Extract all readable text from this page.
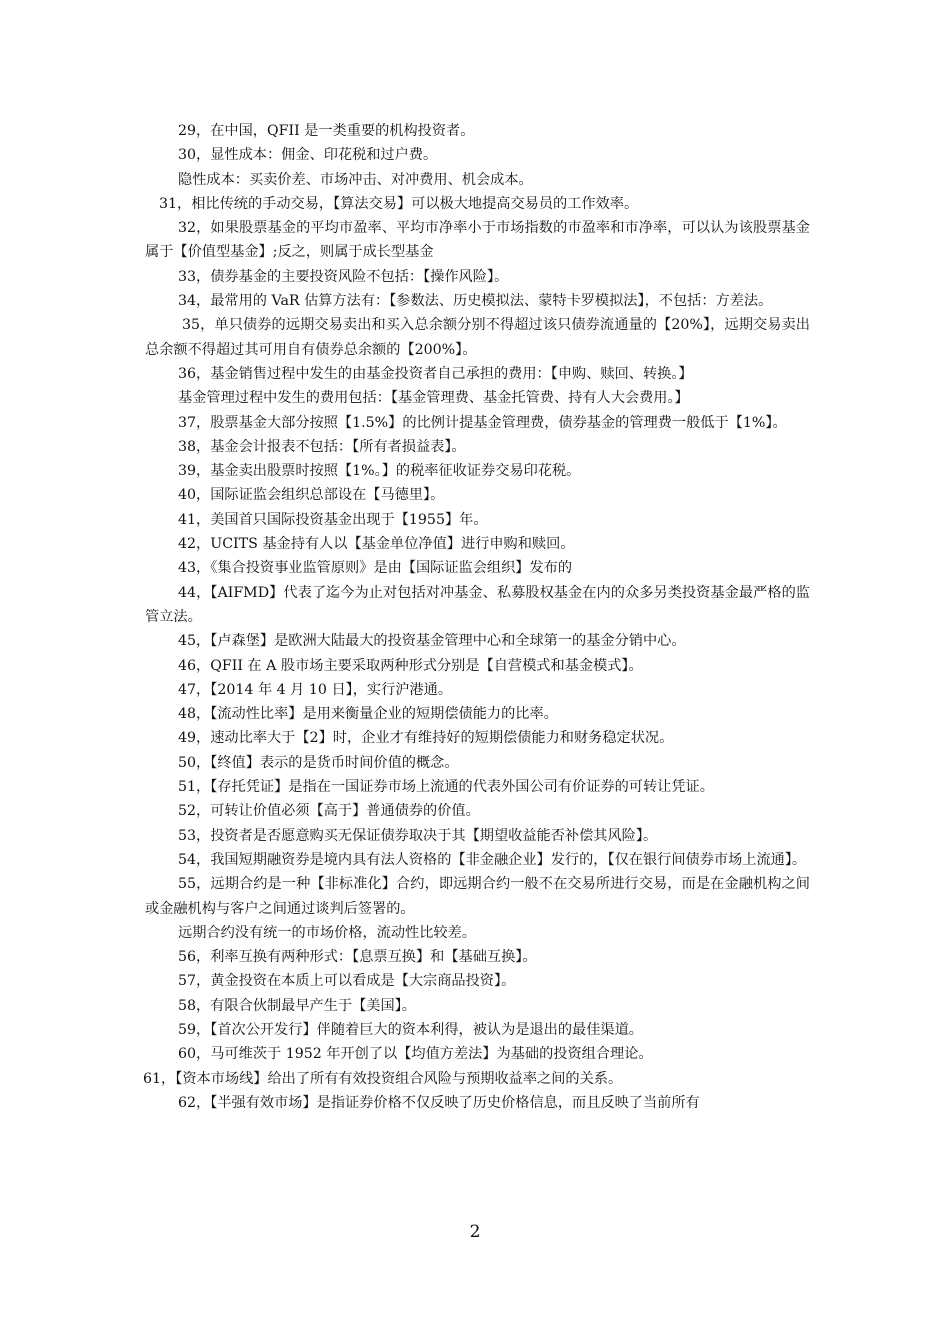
29，在中国，QFII 是一类重要的机构投资者。

30，显性成本：佣金、印花税和过户费。

隐性成本：买卖价差、市场冲击、对冲费用、机会成本。

31，相比传统的手动交易，【算法交易】可以极大地提高交易员的工作效率。

32，如果股票基金的平均市盈率、平均市净率小于市场指数的市盈率和市净率，可以认为该股票基金属于【价值型基金】;反之，则属于成长型基金

33，债券基金的主要投资风险不包括：【操作风险】。

34，最常用的 VaR 估算方法有：【参数法、历史模拟法、蒙特卡罗模拟法】，不包括：方差法。

35，单只债券的远期交易卖出和买入总余额分别不得超过该只债券流通量的【20%】，远期交易卖出总余额不得超过其可用自有债券总余额的【200%】。

36，基金销售过程中发生的由基金投资者自己承担的费用：【申购、赎回、转换。】

基金管理过程中发生的费用包括：【基金管理费、基金托管费、持有人大会费用。】

37，股票基金大部分按照【1.5%】的比例计提基金管理费，债券基金的管理费一般低于【1%】。

38，基金会计报表不包括：【所有者损益表】。

39，基金卖出股票时按照【1%。】的税率征收证券交易印花税。

40，国际证监会组织总部设在【马德里】。

41，美国首只国际投资基金出现于【1955】年。

42，UCITS 基金持有人以【基金单位净值】进行申购和赎回。

43，《集合投资事业监管原则》是由【国际证监会组织】发布的

44，【AIFMD】代表了迄今为止对包括对冲基金、私募股权基金在内的众多另类投资基金最严格的监管立法。

45，【卢森堡】是欧洲大陆最大的投资基金管理中心和全球第一的基金分销中心。

46，QFII 在 A 股市场主要采取两种形式分别是【自营模式和基金模式】。

47，【2014 年 4 月 10 日】，实行沪港通。

48，【流动性比率】是用来衡量企业的短期偿债能力的比率。

49，速动比率大于【2】时，企业才有维持好的短期偿债能力和财务稳定状况。

50，【终值】表示的是货币时间价值的概念。

51，【存托凭证】是指在一国证券市场上流通的代表外国公司有价证券的可转让凭证。

52，可转让价值必须【高于】普通债券的价值。

53，投资者是否愿意购买无保证债券取决于其【期望收益能否补偿其风险】。

54，我国短期融资券是境内具有法人资格的【非金融企业】发行的，【仅在银行间债券市场上流通】。

55，远期合约是一种【非标准化】合约，即远期合约一般不在交易所进行交易，而是在金融机构之间或金融机构与客户之间通过谈判后签署的。

远期合约没有统一的市场价格，流动性比较差。

56，利率互换有两种形式：【息票互换】和【基础互换】。

57，黄金投资在本质上可以看成是【大宗商品投资】。

58，有限合伙制最早产生于【美国】。

59，【首次公开发行】伴随着巨大的资本利得，被认为是退出的最佳渠道。

60，马可维茨于 1952 年开创了以【均值方差法】为基础的投资组合理论。

61，【资本市场线】给出了所有有效投资组合风险与预期收益率之间的关系。

62，【半强有效市场】是指证券价格不仅反映了历史价格信息，而且反映了当前所有

2
